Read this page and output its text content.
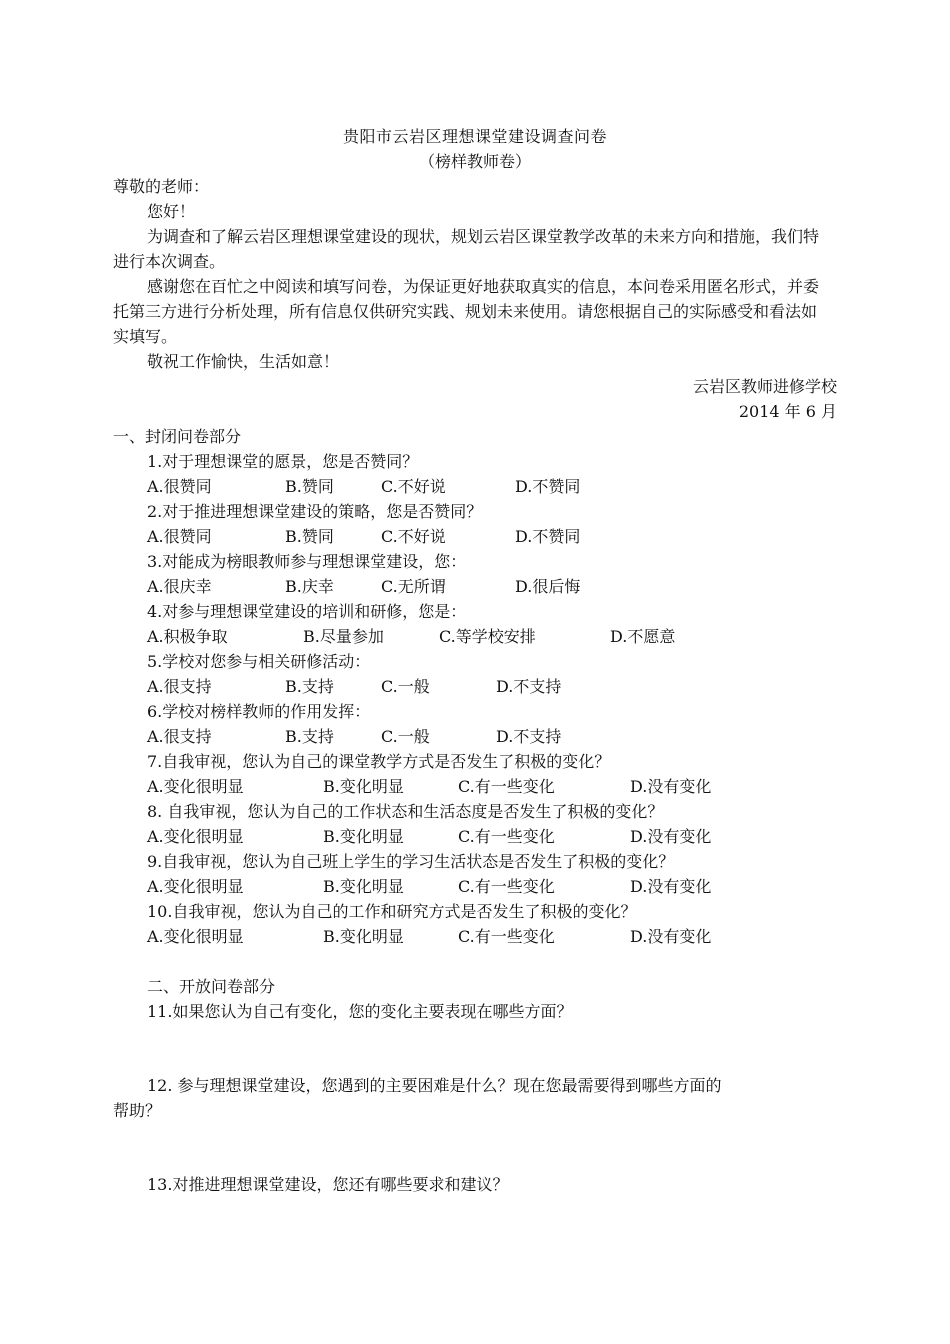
贵阳市云岩区理想课堂建设调查问卷
（榜样教师卷）
尊敬的老师：
您好！
为调查和了解云岩区理想课堂建设的现状，规划云岩区课堂教学改革的未来方向和措施，我们特
进行本次调查。
感谢您在百忙之中阅读和填写问卷，为保证更好地获取真实的信息，本问卷采用匿名形式，并委
托第三方进行分析处理，所有信息仅供研究实践、规划未来使用。请您根据自己的实际感受和看法如
实填写。
敬祝工作愉快，生活如意！
云岩区教师进修学校
2014 年 6 月
一、封闭问卷部分
1.对于理想课堂的愿景，您是否赞同？
A.很赞同	B.赞同	C.不好说	D.不赞同
2.对于推进理想课堂建设的策略，您是否赞同？
A.很赞同	B.赞同	C.不好说	D.不赞同
3.对能成为榜眼教师参与理想课堂建设，您：
A.很庆幸	B.庆幸	C.无所谓	D.很后悔
4.对参与理想课堂建设的培训和研修，您是：
A.积极争取	B.尽量参加	C.等学校安排	D.不愿意
5.学校对您参与相关研修活动：
A.很支持	B.支持	C.一般	D.不支持
6.学校对榜样教师的作用发挥：
A.很支持	B.支持	C.一般	D.不支持
7.自我审视，您认为自己的课堂教学方式是否发生了积极的变化？
A.变化很明显	B.变化明显	C.有一些变化	D.没有变化
8. 自我审视，您认为自己的工作状态和生活态度是否发生了积极的变化？
A.变化很明显	B.变化明显	C.有一些变化	D.没有变化
9.自我审视，您认为自己班上学生的学习生活状态是否发生了积极的变化？
A.变化很明显	B.变化明显	C.有一些变化	D.没有变化
10.自我审视，您认为自己的工作和研究方式是否发生了积极的变化？
A.变化很明显	B.变化明显	C.有一些变化	D.没有变化
二、开放问卷部分
11.如果您认为自己有变化，您的变化主要表现在哪些方面？
12. 参与理想课堂建设，您遇到的主要困难是什么？现在您最需要得到哪些方面的
帮助？
13.对推进理想课堂建设，您还有哪些要求和建议？
